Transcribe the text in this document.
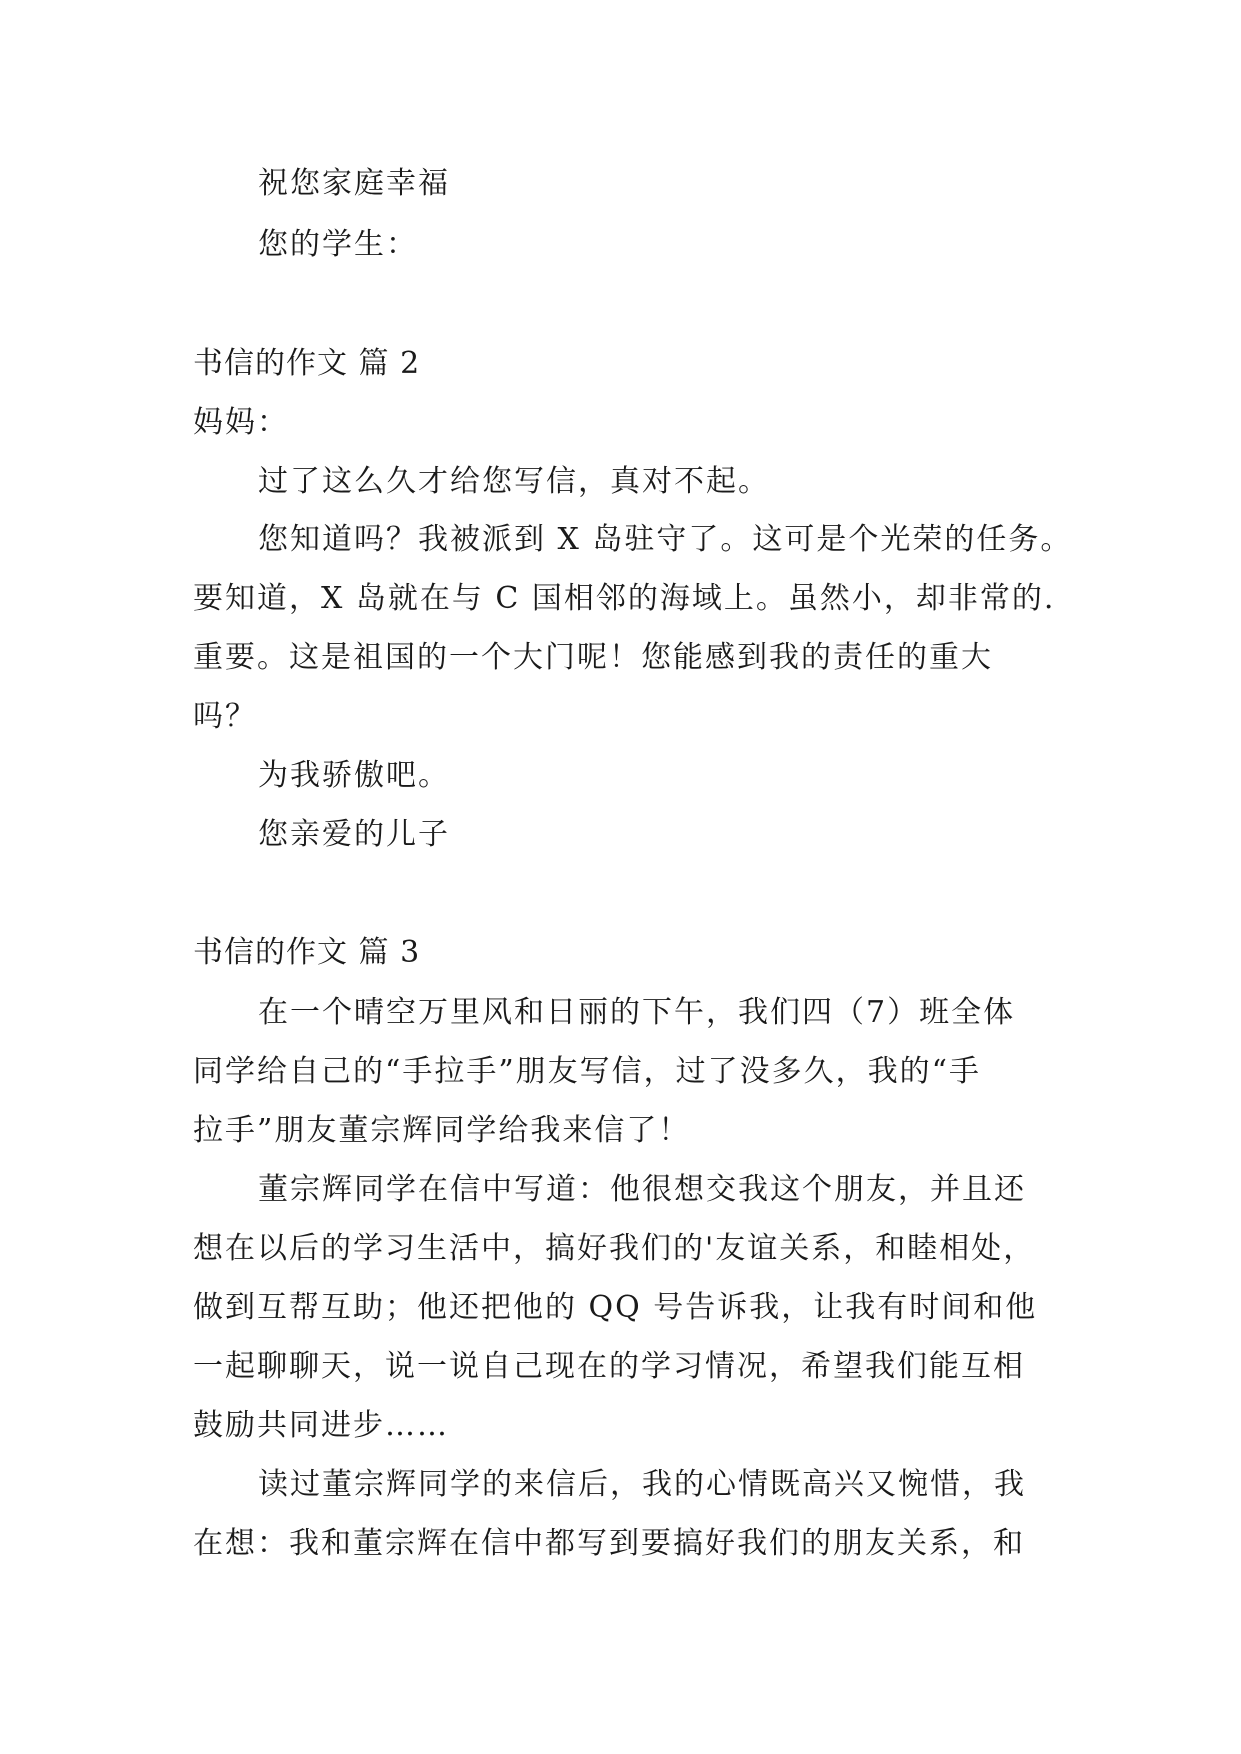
祝您家庭幸福
您的学生：
书信的作文 篇 2
妈妈：
过了这么久才给您写信，真对不起。
您知道吗？我被派到 X 岛驻守了。这可是个光荣的任务。
要知道，X 岛就在与 C 国相邻的海域上。虽然小，却非常的.
重要。这是祖国的一个大门呢！您能感到我的责任的重大
吗？
为我骄傲吧。
您亲爱的儿子
书信的作文 篇 3
在一个晴空万里风和日丽的下午，我们四（7）班全体
同学给自己的“手拉手”朋友写信，过了没多久，我的“手
拉手”朋友董宗辉同学给我来信了！
董宗辉同学在信中写道：他很想交我这个朋友，并且还
想在以后的学习生活中，搞好我们的'友谊关系，和睦相处，
做到互帮互助；他还把他的 QQ 号告诉我，让我有时间和他
一起聊聊天，说一说自己现在的学习情况，希望我们能互相
鼓励共同进步……
读过董宗辉同学的来信后，我的心情既高兴又惋惜，我
在想：我和董宗辉在信中都写到要搞好我们的朋友关系，和
